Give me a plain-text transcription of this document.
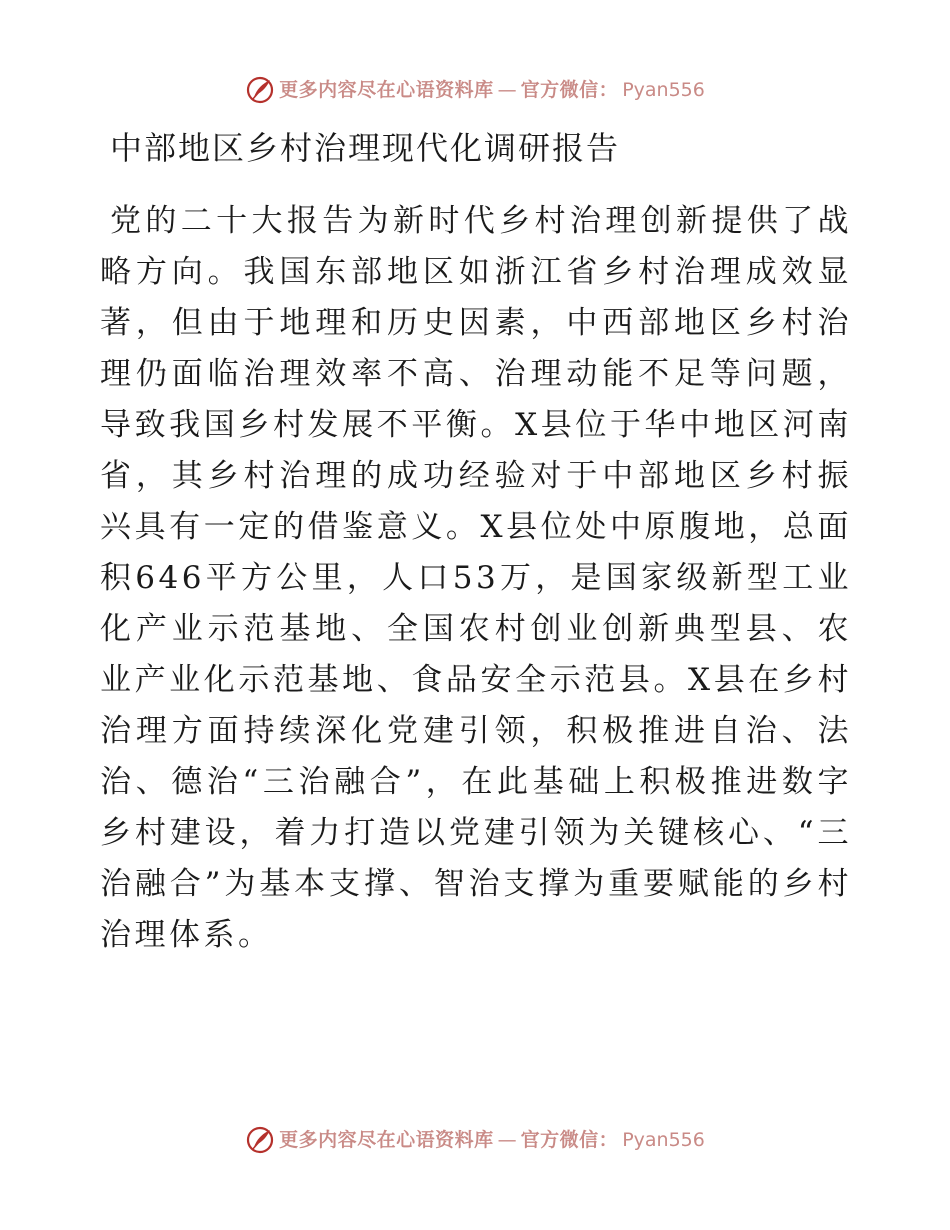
更多内容尽在心语资料库 — 官方微信： Pyan556
中部地区乡村治理现代化调研报告

党的二十大报告为新时代乡村治理创新提供了战略方向。我国东部地区如浙江省乡村治理成效显著，但由于地理和历史因素，中西部地区乡村治理仍面临治理效率不高、治理动能不足等问题，导致我国乡村发展不平衡。X县位于华中地区河南省，其乡村治理的成功经验对于中部地区乡村振兴具有一定的借鉴意义。X县位处中原腹地，总面积646平方公里，人口53万，是国家级新型工业化产业示范基地、全国农村创业创新典型县、农业产业化示范基地、食品安全示范县。X县在乡村治理方面持续深化党建引领，积极推进自治、法治、德治“三治融合”，在此基础上积极推进数字乡村建设，着力打造以党建引领为关键核心、“三治融合”为基本支撑、智治支撑为重要赋能的乡村治理体系。

更多内容尽在心语资料库 — 官方微信： Pyan556
